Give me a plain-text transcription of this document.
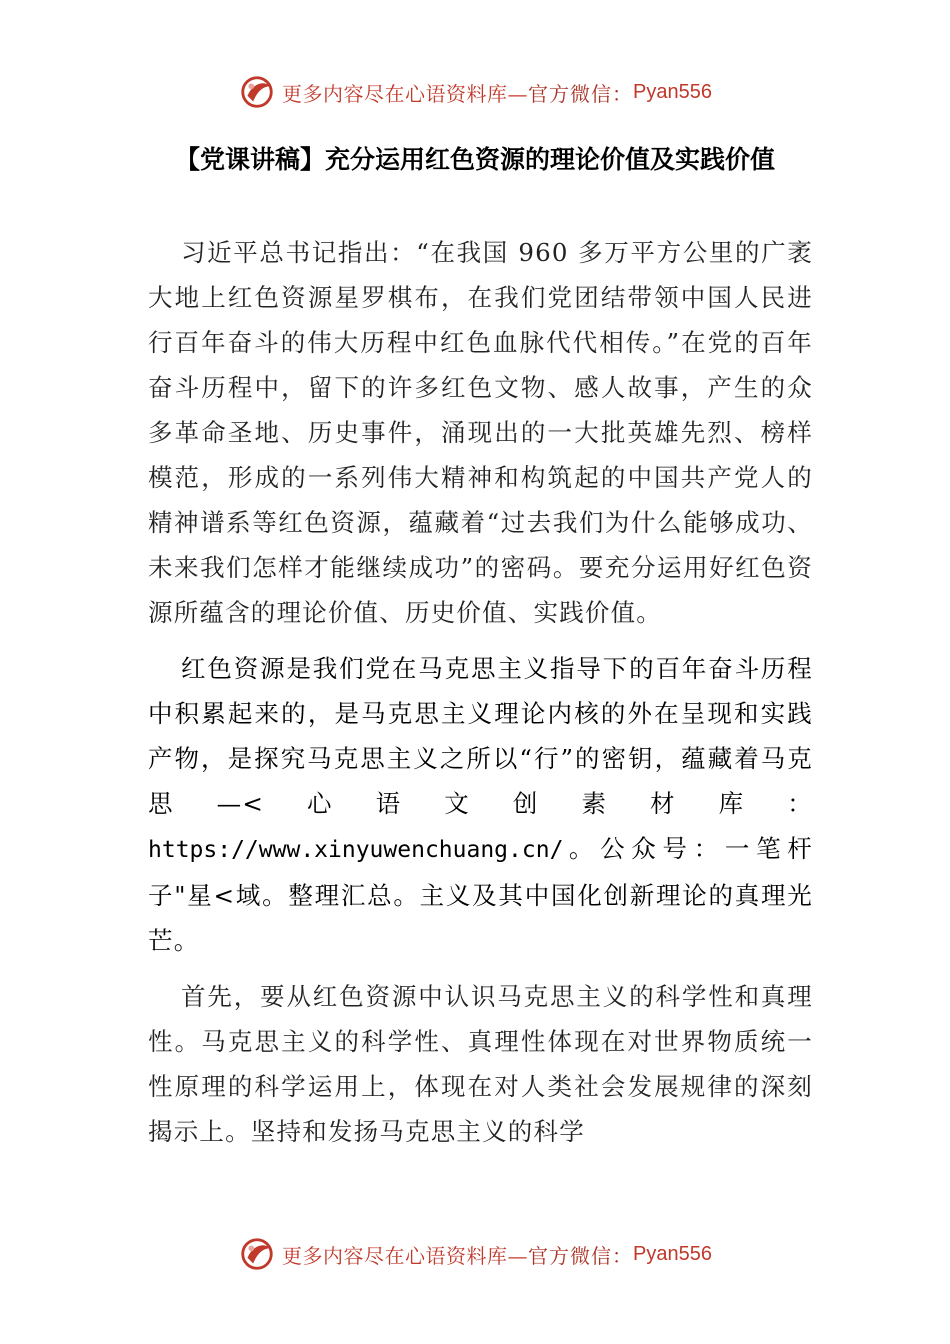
更多内容尽在心语资料库— 官方微信： Pyan556
【党课讲稿】充分运用红色资源的理论价值及实践价值

习近平总书记指出：“在我国 960 多万平方公里的广袤大地上红色资源星罗棋布，在我们党团结带领中国人民进行百年奋斗的伟大历程中红色血脉代代相传。”在党的百年奋斗历程中，留下的许多红色文物、感人故事，产生的众多革命圣地、历史事件，涌现出的一大批英雄先烈、榜样模范，形成的一系列伟大精神和构筑起的中国共产党人的精神谱系等红色资源，蕴藏着“过去我们为什么能够成功、未来我们怎样才能继续成功”的密码。要充分运用好红色资源所蕴含的理论价值、历史价值、实践价值。

红色资源是我们党在马克思主义指导下的百年奋斗历程中积累起来的，是马克思主义理论内核的外在呈现和实践产物，是探究马克思主义之所以“行”的密钥，蕴藏着马克思—<心语文创素材库：https://www.xinyuwenchuang.cn/。公众号：一笔杆子"星<域。整理汇总。主义及其中国化创新理论的真理光芒。

首先，要从红色资源中认识马克思主义的科学性和真理性。马克思主义的科学性、真理性体现在对世界物质统一性原理的科学运用上，体现在对人类社会发展规律的深刻揭示上。坚持和发扬马克思主义的科学

更多内容尽在心语资料库— 官方微信： Pyan556
